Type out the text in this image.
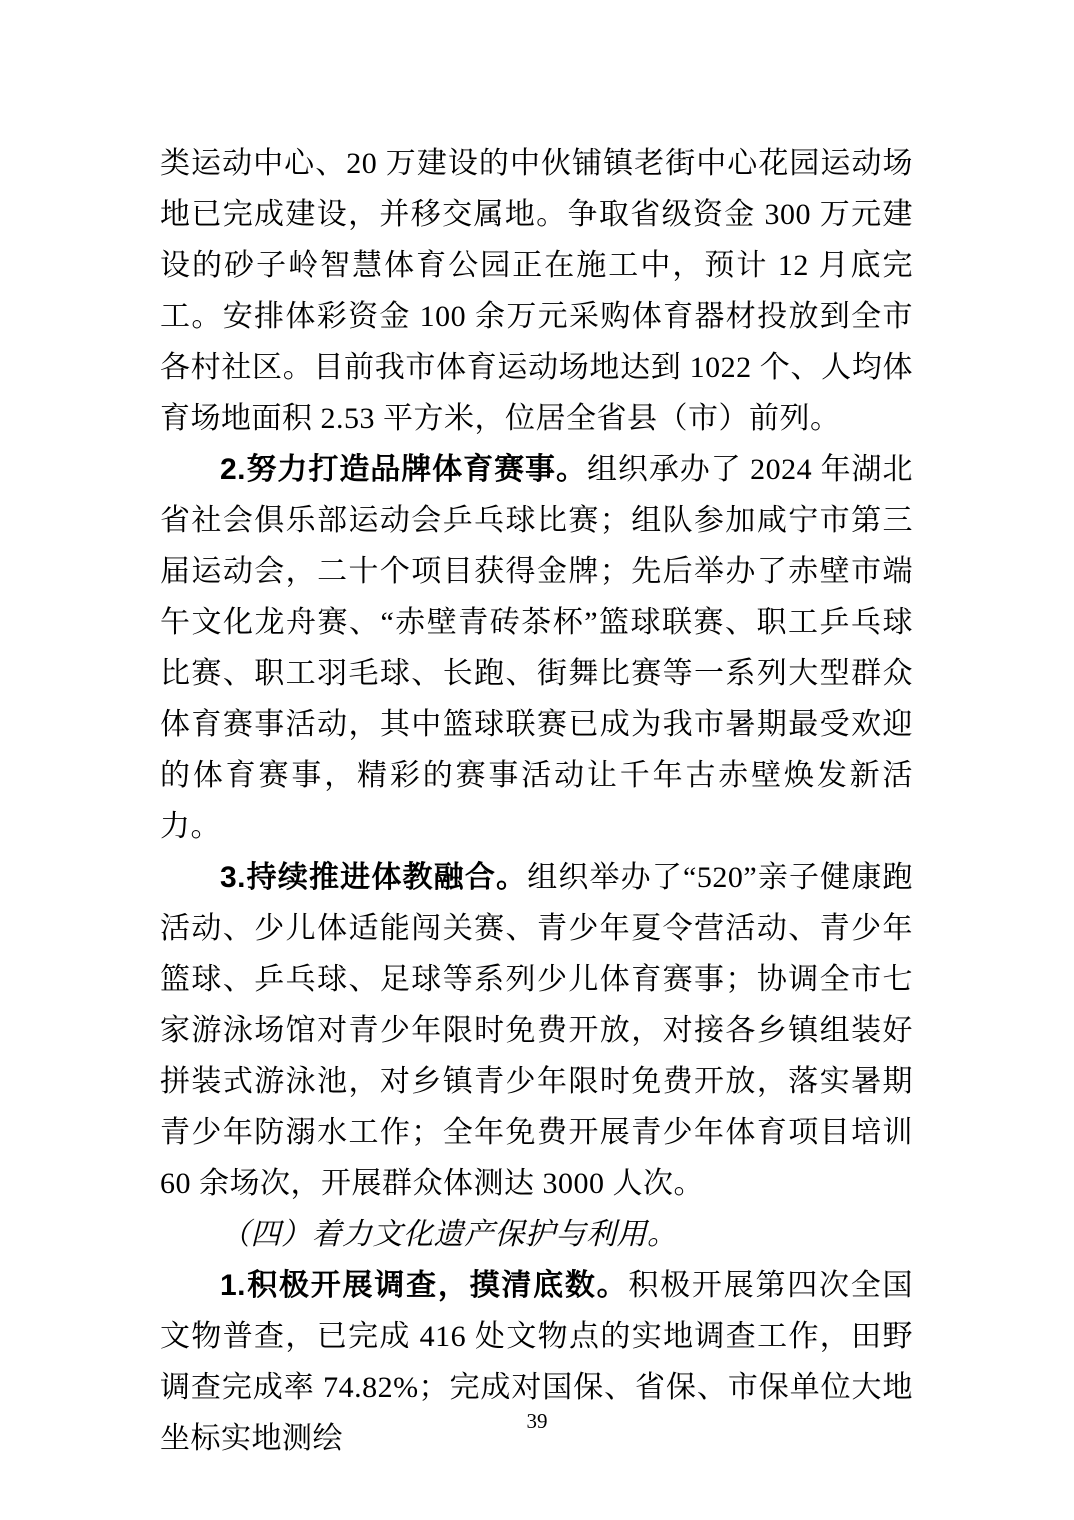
类运动中心、20 万建设的中伙铺镇老街中心花园运动场地已完成建设，并移交属地。争取省级资金 300 万元建设的砂子岭智慧体育公园正在施工中，预计 12 月底完工。安排体彩资金 100 余万元采购体育器材投放到全市各村社区。目前我市体育运动场地达到 1022 个、人均体育场地面积 2.53 平方米，位居全省县（市）前列。

2.努力打造品牌体育赛事。组织承办了 2024 年湖北省社会俱乐部运动会乒乓球比赛；组队参加咸宁市第三届运动会，二十个项目获得金牌；先后举办了赤壁市端午文化龙舟赛、“赤壁青砖茶杯”篮球联赛、职工乒乓球比赛、职工羽毛球、长跑、街舞比赛等一系列大型群众体育赛事活动，其中篮球联赛已成为我市暑期最受欢迎的体育赛事，精彩的赛事活动让千年古赤壁焕发新活力。

3.持续推进体教融合。组织举办了“520”亲子健康跑活动、少儿体适能闯关赛、青少年夏令营活动、青少年篮球、乒乓球、足球等系列少儿体育赛事；协调全市七家游泳场馆对青少年限时免费开放，对接各乡镇组装好拼装式游泳池，对乡镇青少年限时免费开放，落实暑期青少年防溺水工作；全年免费开展青少年体育项目培训 60 余场次，开展群众体测达 3000 人次。

（四）着力文化遗产保护与利用。

1.积极开展调查，摸清底数。积极开展第四次全国文物普查，已完成 416 处文物点的实地调查工作，田野调查完成率 74.82%；完成对国保、省保、市保单位大地坐标实地测绘

39
